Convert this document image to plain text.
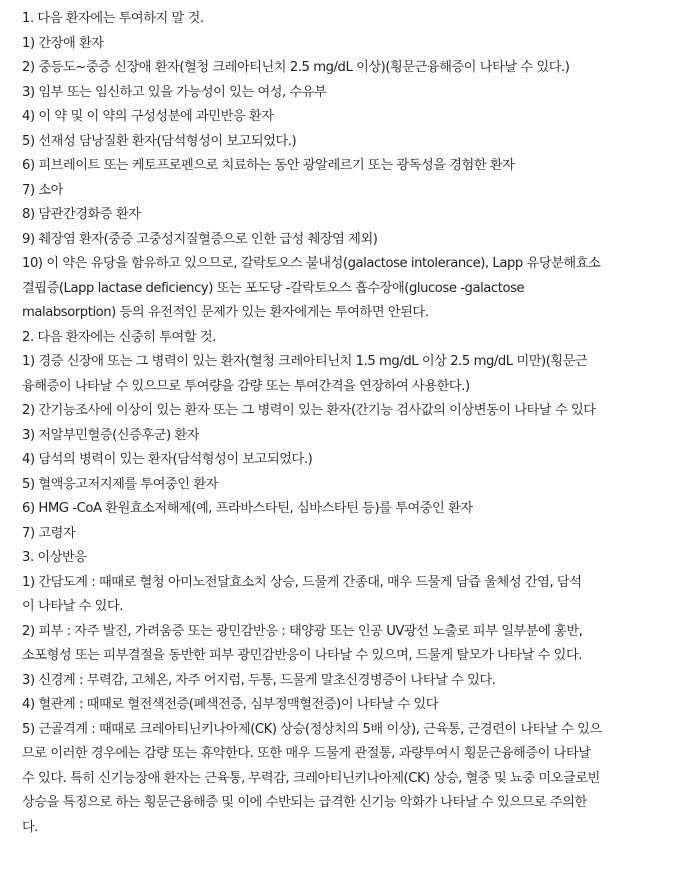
1. 다음 환자에는 투여하지 말 것.
1) 간장애 환자
2) 중등도~중증 신장애 환자(혈청 크레아티닌치 2.5 mg/dL 이상)(횡문근융해증이 나타날 수 있다.)
3) 임부 또는 임신하고 있을 가능성이 있는 여성, 수유부
4) 이 약 및 이 약의 구성성분에 과민반응 환자
5) 선재성 담낭질환 환자(담석형성이 보고되었다.)
6) 피브레이트 또는 케토프로펜으로 치료하는 동안 광알레르기 또는 광독성을 경험한 환자
7) 소아
8) 담관간경화증 환자
9) 췌장염 환자(중증 고중성지질혈증으로 인한 급성 췌장염 제외)
10) 이 약은 유당을 함유하고 있으므로, 갈락토오스 불내성(galactose intolerance), Lapp 유당분해효소
결핍증(Lapp lactase deficiency) 또는 포도당 -갈락토오스 흡수장애(glucose -galactose
malabsorption) 등의 유전적인 문제가 있는 환자에게는 투여하면 안된다.
2. 다음 환자에는 신중히 투여할 것.
1) 경증 신장애 또는 그 병력이 있는 환자(혈청 크레아티닌치 1.5 mg/dL 이상 2.5 mg/dL 미만)(횡문근
융해증이 나타날 수 있으므로 투여량을 감량 또는 투여간격을 연장하여 사용한다.)
2) 간기능조사에 이상이 있는 환자 또는 그 병력이 있는 환자(간기능 검사값의 이상변동이 나타날 수 있다
3) 저알부민혈증(신증후군) 환자
4) 담석의 병력이 있는 환자(담석형성이 보고되었다.)
5) 혈액응고저지제를 투여중인 환자
6) HMG -CoA 환원효소저해제(예, 프라바스타틴, 심바스타틴 등)를 투여중인 환자
7) 고령자
3. 이상반응
1) 간담도계 : 때때로 혈청 아미노전달효소치 상승, 드물게 간종대, 매우 드물게 담즙 울체성 간염, 담석
이 나타날 수 있다.
2) 피부 : 자주 발진, 가려움증 또는 광민감반응 : 태양광 또는 인공 UV광선 노출로 피부 일부분에 홍반,
소포형성 또는 피부결절을 동반한 피부 광민감반응이 나타날 수 있으며, 드물게 탈모가 나타날 수 있다.
3) 신경계 : 무력감, 고체온, 자주 어지럼, 두통, 드물게 말초신경병증이 나타날 수 있다.
4) 혈관계 : 때때로 혈전색전증(폐색전증, 심부정맥혈전증)이 나타날 수 있다
5) 근골격계 : 때때로 크레아티닌키나아제(CK) 상승(정상치의 5배 이상), 근육통, 근경련이 나타날 수 있으
므로 이러한 경우에는 감량 또는 휴약한다. 또한 매우 드물게 관절통, 과량투여시 횡문근융해증이 나타날
수 있다. 특히 신기능장애 환자는 근육통, 무력감, 크레아티닌키나아제(CK) 상승, 혈중 및 뇨중 미오글로빈
상승을 특징으로 하는 횡문근융해증 및 이에 수반되는 급격한 신기능 악화가 나타날 수 있으므로 주의한
다.
